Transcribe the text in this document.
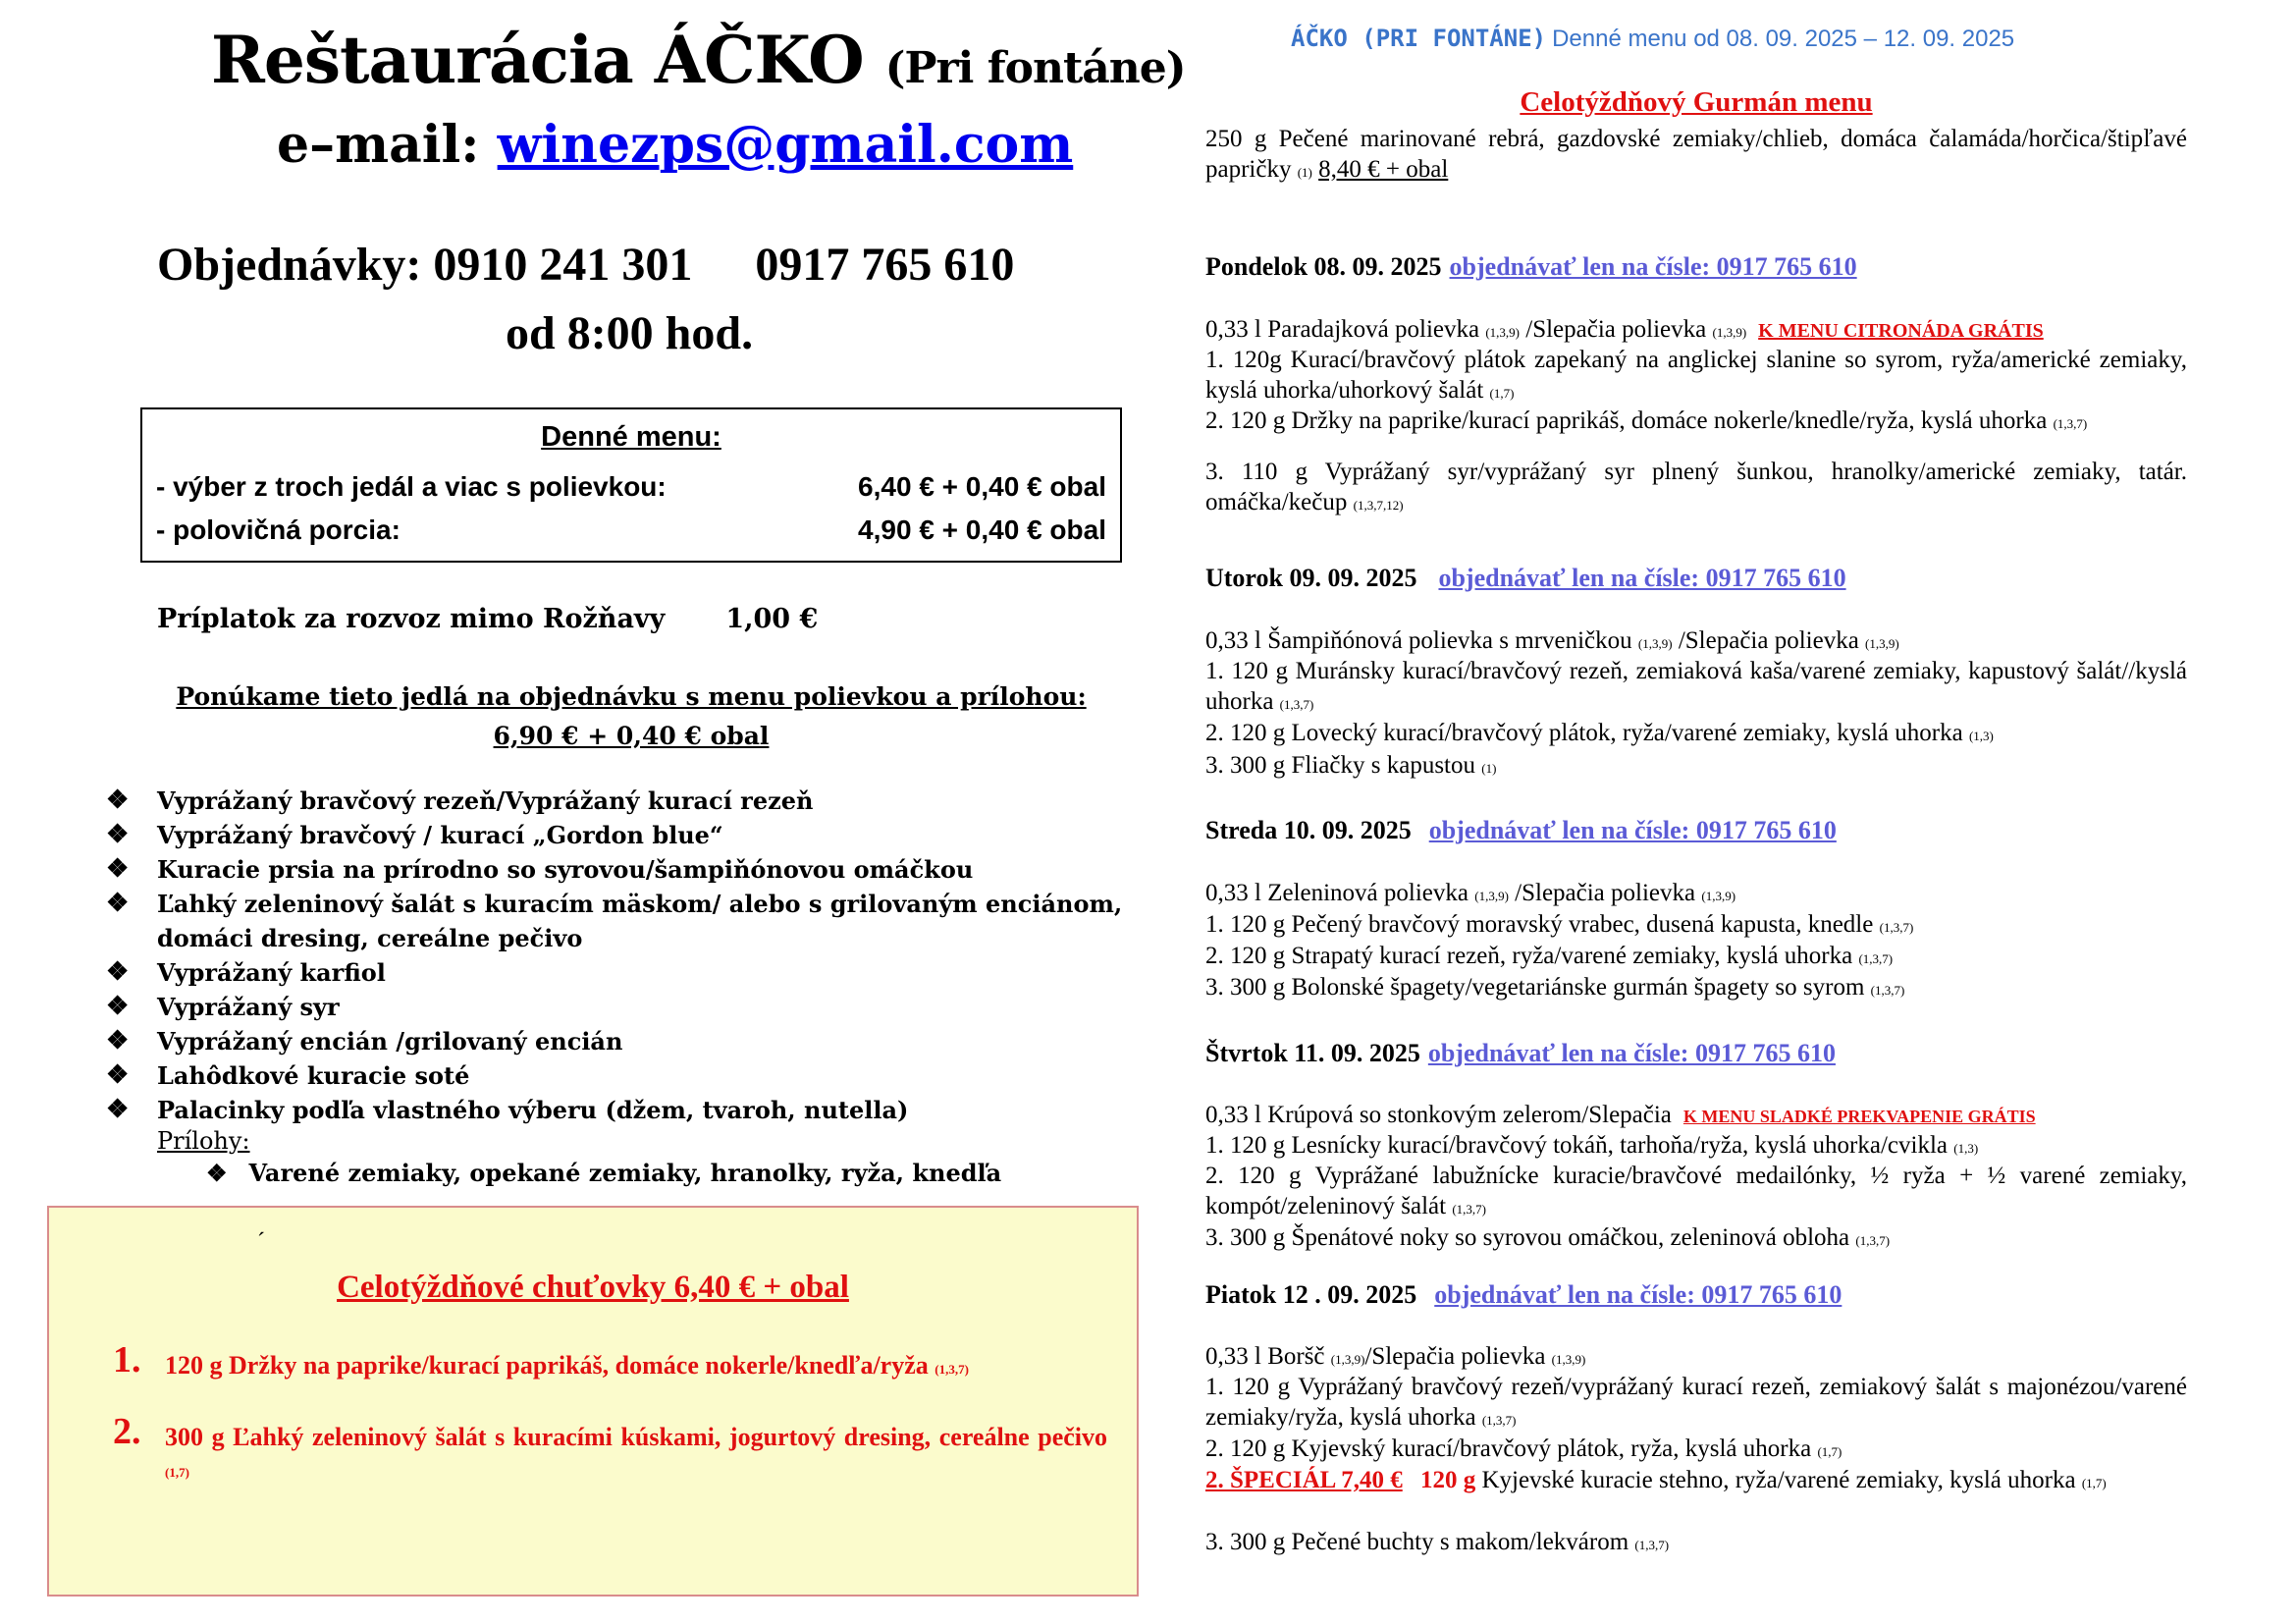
Reštaurácia ÁČKO (Pri fontáne)
e–mail: winezps@gmail.com
Objednávky: 0910 241 301 0917 765 610
od 8:00 hod.
Denné menu:
- výber z troch jedál a viac s polievkou:	6,40 € + 0,40 € obal
- polovičná porcia:	4,90 € + 0,40 € obal
Príplatok za rozvoz mimo Rožňavy 1,00 €
Ponúkame tieto jedlá na objednávku s menu polievkou a prílohou:
6,90 € + 0,40 € obal
❖ Vyprážaný bravčový rezeň/Vyprážaný kurací rezeň
❖ Vyprážaný bravčový / kurací „Gordon blue“
❖ Kuracie prsia na prírodno so syrovou/šampiňónovou omáčkou
❖ Ľahký zeleninový šalát s kuracím mäskom/ alebo s grilovaným enciánom, domáci dresing, cereálne pečivo
❖ Vyprážaný karfiol
❖ Vyprážaný syr
❖ Vyprážaný encián /grilovaný encián
❖ Lahôdkové kuracie soté
❖ Palacinky podľa vlastného výberu (džem, tvaroh, nutella)
Prílohy:
❖ Varené zemiaky, opekané zemiaky, hranolky, ryža, knedľa
´
Celotýždňové chuťovky 6,40 € + obal
1. 120 g Držky na paprike/kurací paprikáš, domáce nokerle/knedľa/ryža (1,3,7)
2. 300 g Ľahký zeleninový šalát s kuracími kúskami, jogurtový dresing, cereálne pečivo (1,7)
ÁČKO (PRI FONTÁNE) Denné menu od 08. 09. 2025 – 12. 09. 2025
Celotýždňový Gurmán menu
250 g Pečené marinované rebrá, gazdovské zemiaky/chlieb, domáca čalamáda/horčica/štipľavé papričky (1) 8,40 € + obal
Pondelok 08. 09. 2025 objednávať len na čísle: 0917 765 610
0,33 l Paradajková polievka (1,3,9) /Slepačia polievka (1,3,9) K MENU CITRONÁDA GRÁTIS
1. 120g Kurací/bravčový plátok zapekaný na anglickej slanine so syrom, ryža/americké zemiaky, kyslá uhorka/uhorkový šalát (1,7)
2. 120 g Držky na paprike/kurací paprikáš, domáce nokerle/knedle/ryža, kyslá uhorka (1,3,7)
3. 110 g Vyprážaný syr/vyprážaný syr plnený šunkou, hranolky/americké zemiaky, tatár. omáčka/kečup (1,3,7,12)
Utorok 09. 09. 2025 objednávať len na čísle: 0917 765 610
0,33 l Šampiňónová polievka s mrveničkou (1,3,9) /Slepačia polievka (1,3,9)
1. 120 g Muránsky kurací/bravčový rezeň, zemiaková kaša/varené zemiaky, kapustový šalát//kyslá uhorka (1,3,7)
2. 120 g Lovecký kurací/bravčový plátok, ryža/varené zemiaky, kyslá uhorka (1,3)
3. 300 g Fliačky s kapustou (1)
Streda 10. 09. 2025 objednávať len na čísle: 0917 765 610
0,33 l Zeleninová polievka (1,3,9) /Slepačia polievka (1,3,9)
1. 120 g Pečený bravčový moravský vrabec, dusená kapusta, knedle (1,3,7)
2. 120 g Strapatý kurací rezeň, ryža/varené zemiaky, kyslá uhorka (1,3,7)
3. 300 g Bolonské špagety/vegetariánske gurmán špagety so syrom (1,3,7)
Štvrtok 11. 09. 2025 objednávať len na čísle: 0917 765 610
0,33 l Krúpová so stonkovým zelerom/Slepačia K MENU SLADKÉ PREKVAPENIE GRÁTIS
1. 120 g Lesnícky kurací/bravčový tokáň, tarhoňa/ryža, kyslá uhorka/cvikla (1,3)
2. 120 g Vyprážané labužnícke kuracie/bravčové medailónky, ½ ryža + ½ varené zemiaky, kompót/zeleninový šalát (1,3,7)
3. 300 g Špenátové noky so syrovou omáčkou, zeleninová obloha (1,3,7)
Piatok 12 . 09. 2025 objednávať len na čísle: 0917 765 610
0,33 l Boršč (1,3,9)/Slepačia polievka (1,3,9)
1. 120 g Vyprážaný bravčový rezeň/vyprážaný kurací rezeň, zemiakový šalát s majonézou/varené zemiaky/ryža, kyslá uhorka (1,3,7)
2. 120 g Kyjevský kurací/bravčový plátok, ryža, kyslá uhorka (1,7)
2. ŠPECIÁL 7,40 € 120 g Kyjevské kuracie stehno, ryža/varené zemiaky, kyslá uhorka (1,7)
3. 300 g Pečené buchty s makom/lekvárom (1,3,7)
